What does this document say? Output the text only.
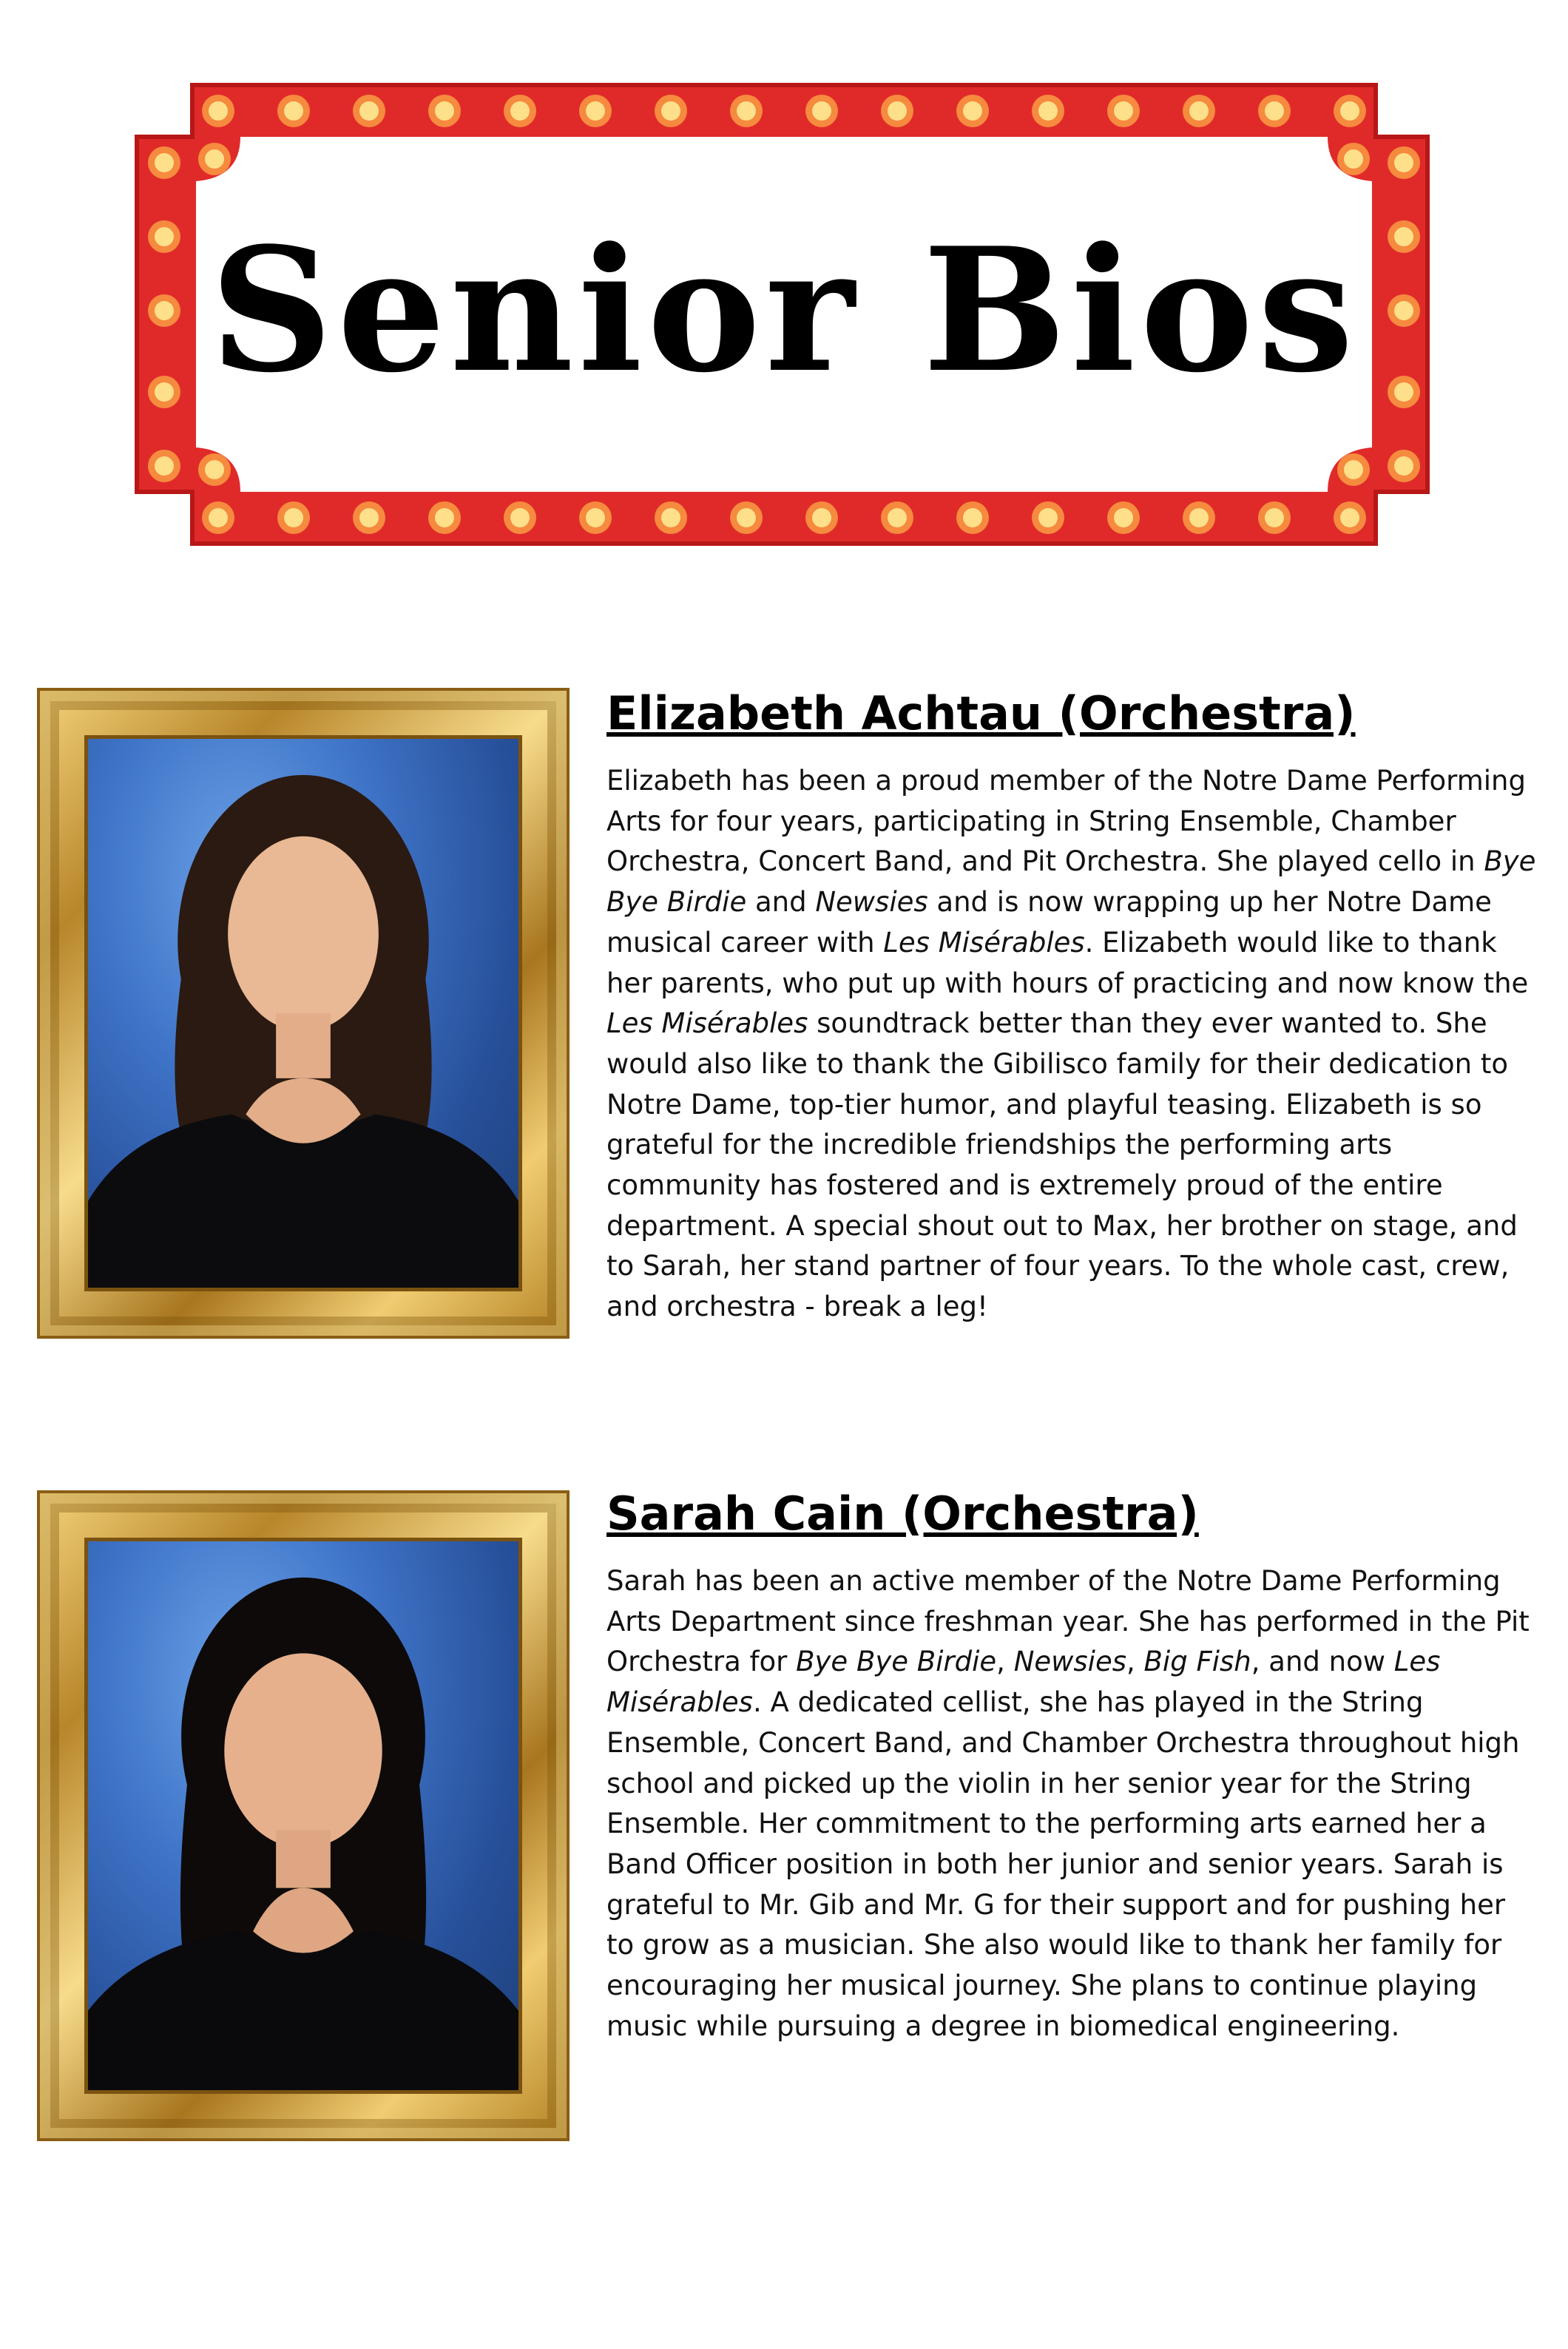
Senior Bios
Elizabeth Achtau (Orchestra)

Elizabeth has been a proud member of the Notre Dame Performing Arts for four years, participating in String Ensemble, Chamber Orchestra, Concert Band, and Pit Orchestra. She played cello in Bye Bye Birdie and Newsies and is now wrapping up her Notre Dame musical career with Les Misérables. Elizabeth would like to thank her parents, who put up with hours of practicing and now know the Les Misérables soundtrack better than they ever wanted to. She would also like to thank the Gibilisco family for their dedication to Notre Dame, top-tier humor, and playful teasing. Elizabeth is so grateful for the incredible friendships the performing arts community has fostered and is extremely proud of the entire department. A special shout out to Max, her brother on stage, and to Sarah, her stand partner of four years. To the whole cast, crew, and orchestra - break a leg!

Sarah Cain (Orchestra)

Sarah has been an active member of the Notre Dame Performing Arts Department since freshman year. She has performed in the Pit Orchestra for Bye Bye Birdie, Newsies, Big Fish, and now Les Misérables. A dedicated cellist, she has played in the String Ensemble, Concert Band, and Chamber Orchestra throughout high school and picked up the violin in her senior year for the String Ensemble. Her commitment to the performing arts earned her a Band Officer position in both her junior and senior years. Sarah is grateful to Mr. Gib and Mr. G for their support and for pushing her to grow as a musician. She also would like to thank her family for encouraging her musical journey. She plans to continue playing music while pursuing a degree in biomedical engineering.
